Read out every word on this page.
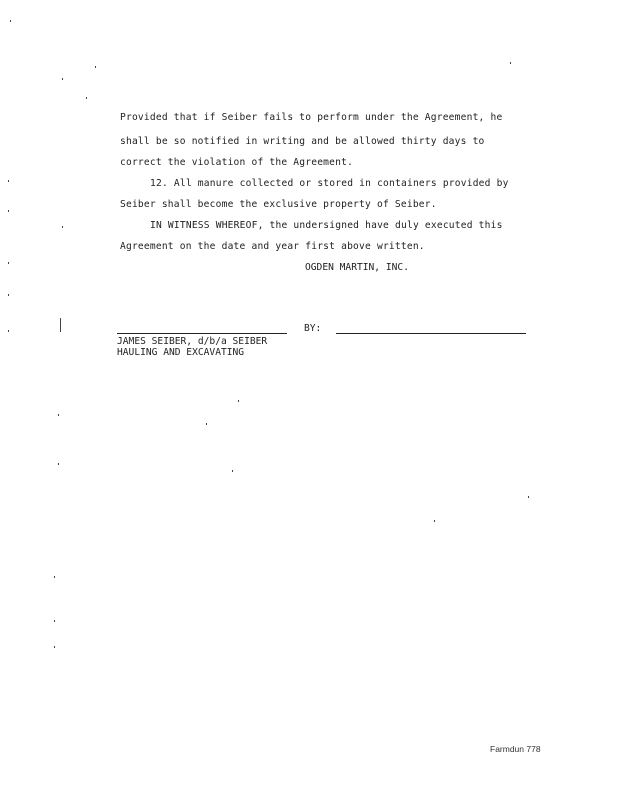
Provided that if Seiber fails to perform under the Agreement, he
shall be so notified in writing and be allowed thirty days to
correct the violation of the Agreement.
12. All manure collected or stored in containers provided by
Seiber shall become the exclusive property of Seiber.
IN WITNESS WHEREOF, the undersigned have duly executed this
Agreement on the date and year first above written.
OGDEN MARTIN, INC.
BY:
JAMES SEIBER, d/b/a SEIBER
HAULING AND EXCAVATING
Farmdun 778
